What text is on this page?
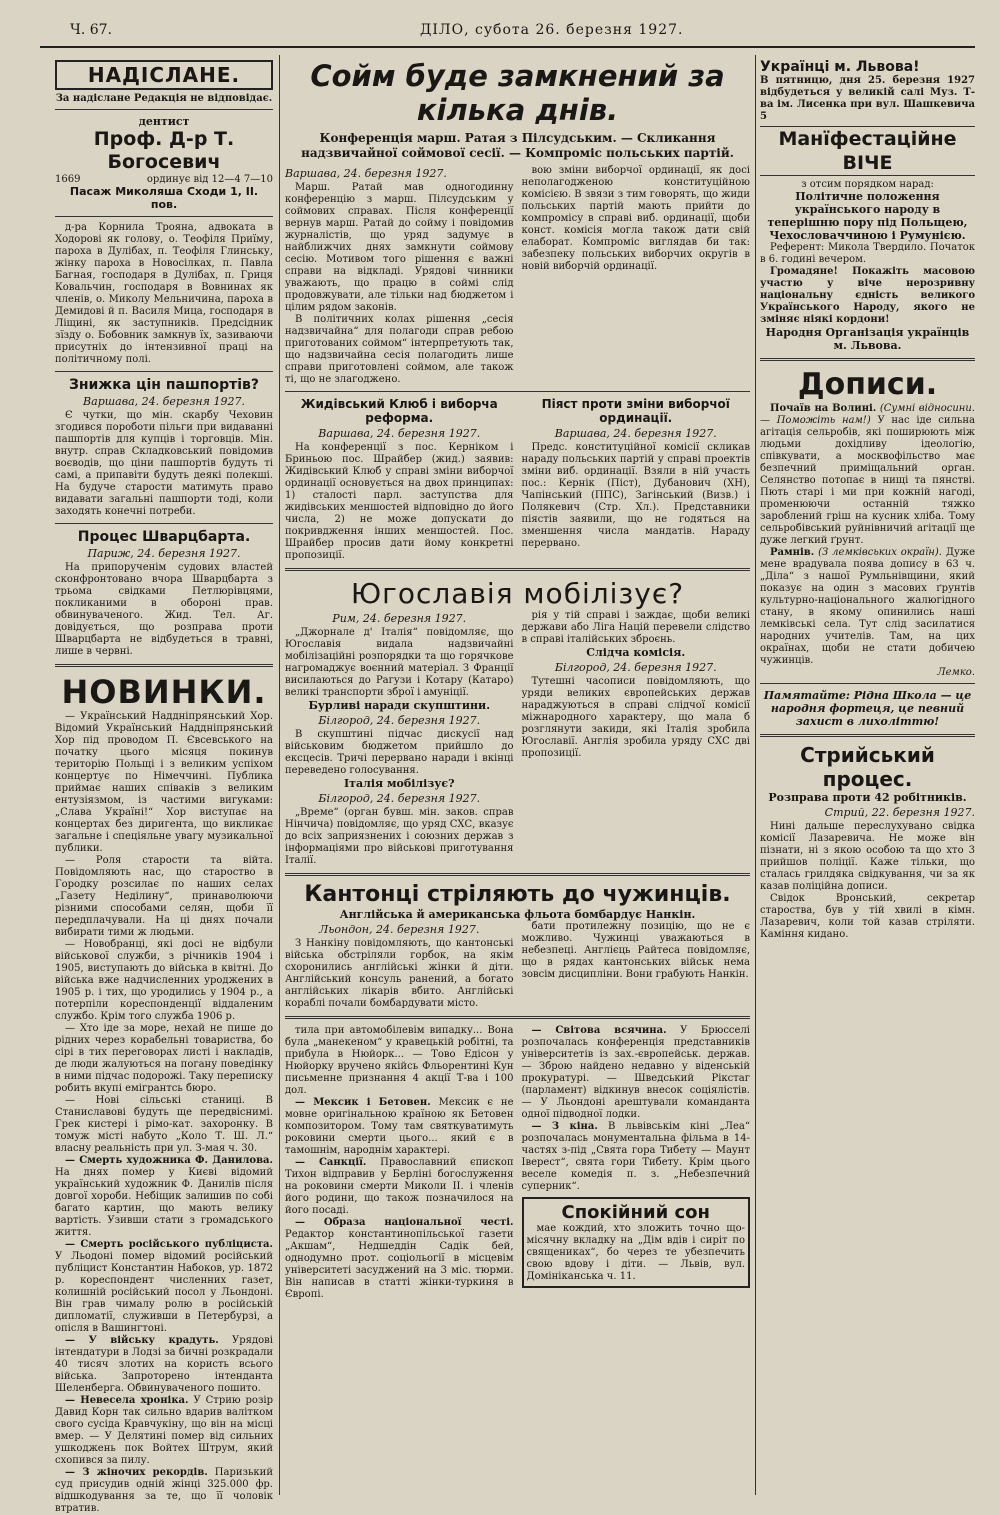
Ч. 67.	ДІЛО, субота 26. березня 1927.
НАДІСЛАНЕ.
За надіслане Редакція не відповідає.
дентист
Проф. Д-р Т. Богосевич
1669	ординує від 12—4 7—10
Пасаж Миколяша Сходи 1, II. пов.

д-ра Корнила Трояна, адвоката в Ходорові як голову, о. Теофіля Приїму, пароха в Дулібах, п. Теофіля Глинську, жінку пароха в Новосілках, п. Павла Багная, господаря в Дулібах, п. Гриця Ковальчин, господаря в Вовнинах як членів, о. Миколу Мельничина, пароха в Демидові й п. Василя Мица, господаря в Ліщині, як заступників. Предсідник зїзду о. Бобовник замкнув їх, зазиваючи присутніх до інтензивної праці на політичному полі.

Знижка цін пашпортів?
Варшава, 24. березня 1927.

Є чутки, що мін. скарбу Чеховин згодився пороботи пільги при видаванні пашпортів для купців і торговців. Мін. внутр. справ Складковський повідомив воєводів, що ціни пашпортів будуть ті самі, а припавіти будуть деякі полекші. На будуче старости матимуть право видавати загальні пашпорти тоді, коли заходять конечні потреби.

Процес Шварцбарта.
Париж, 24. березня 1927.

На припорученім судових властей сконфронтовано вчора Шварцбарта з трьома свідками Петлюрівцями, покликаними в обороні прав. обвинуваченого. Жид. Тел. Аг. довідується, що розправа проти Шварцбарта не відбудеться в травні, лише в червні.

НОВИНКИ.

— Український Наддніпрянський Хор. Відомий Український Наддніпрянський Хор під проводом П. Євсевського на початку цього місяця покинув територію Польщі і з великим успіхом концертує по Німеччині. Публика приймає наших співаків з великим ентузіязмом, із частими вигуками: „Слава Україні!“ Хор виступає на концертах без диригента, що викликає загальне і спеціяльне увагу музикальної публики.

— Роля старости та війта. Повідомляють нас, що староство в Городку розсилає по наших селах „Газету Неділину“, принаволюючи різними способами селян, щоби її передплачували. На ці днях почали вибирати тими ж людьми.

— Новобранці, які досі не відбули військової служби, з річників 1904 і 1905, виступають до війська в квітні. До війська вже надчисленних уроджених в 1905 р. і тих, що уродились у 1904 р., а потерпіли кореспонденції віддаленим службо. Крім того служба 1906 р.

— Хто іде за море, нехай не пише до рідних через корабельні товариства, бо сірі в тих переговорах листі і накладів, де люди жалуються на погану поведінку в ними підчас подорожі. Таку переписку робить вкупі емігрантсь бюро.

— Нові сільські станиці. В Станиславові будуть ще передвіснимі. Грек кистері і рімо-кат. захоронку. В томуж місті набуто „Коло Т. Ш. Л.“ власну реальність при ул. З-мая ч. 30.

— Смерть художника Ф. Данилова. На днях помер у Києві відомий український художник Ф. Данилів після довгої хороби. Небіщик залишив по собі багато картин, що мають велику вартість. Узивши стати з громадського життя.

— Смерть російського публіциста. У Льодоні помер відомий російський публіцист Константин Набоков, ур. 1872 р. кореспондент численних газет, колишній російський посол у Льондоні. Він грав чималу ролю в російській дипломатії, служивши в Петербурзі, а опісля в Вашингтоні.

— У війську крадуть. Урядові інтендатури в Лодзі за бичні розкрадали 40 тисяч злотих на користь всього війська. Запроторено інтенданта Шеленберга. Обвинуваченого пошито.

— Невесела хроніка. У Стрию розір Давид Корн так сильно вдарив валітком свого сусіда Кравчукіну, що він на місці вмер. — У Делятині помер від сильних ушкоджень пок Войтех Штрум, який схопився за пилу.

— З жіночих рекордів. Паризький суд присудив одній жінці 325.000 фр. відшкодування за те, що її чоловік втратив.

Сойм буде замкнений за кілька днів.
Конференція марш. Ратая з Пілсудським. — Скликання надзвичайної соймової сесії. — Компроміс польських партій.
Варшава, 24. березня 1927.

Марш. Ратай мав одногодинну конференцію з марш. Пілсудським у соймових справах. Після конференції вернув марш. Ратай до сойму і повідомив журналістів, що уряд задумує в найближчих днях замкнути соймову сесію. Мотивом того рішення є важні справи на відкладі. Урядові чинники уважають, що працю в соймі слід продовжувати, але тільки над бюджетом і цілим рядом законів.

В політичних колах рішення „сесія надзвичайна“ для полагоди справ ребою приготованих соймом“ інтерпретують так, що надзвичайна сесія полагодить лише справи приготовлені соймом, але також ті, що не злагоджено.

вою зміни виборчої ординації, як досі неполагодженою конституційною комісією. В звязи з тим говорять, що жиди польських партій мають прийти до компромісу в справі виб. ординації, щоби конст. комісія могла також дати свій елаборат. Компроміс виглядав би так: забезпеку польських виборчих округів в новій виборчій ординації.

Жидівський Клюб і виборча реформа.
Варшава, 24. березня 1927.

На конференції з пос. Керніком і Бриньою пос. Шрайбер (жид.) заявив: Жидівський Клюб у справі зміни виборчої ординації основується на двох принципах: 1) сталості парл. заступства для жидівських меншостей відповідно до його числа, 2) не може допускати до покривдження інших меншостей. Пос. Шрайбер просив дати йому конкретні пропозиції.

Піяст проти зміни виборчої ординації.
Варшава, 24. березня 1927.

Предс. конституційної комісії скликав нараду польських партій у справі проектів зміни виб. ординації. Взяли в ній участь пос.: Кернік (Піст), Дубанович (ХН), Чапінський (ППС), Загінський (Визв.) і Полякевич (Стр. Хл.). Представники піястів заявили, що не годяться на зменшення числа мандатів. Нараду перервано.

Югославія мобілізує?
Рим, 24. березня 1927.

„Джорнале д' Італія“ повідомляє, що Югославія видала надзвичайні мобілізаційні розпорядки та що горячкове нагромаджує воєнний матеріал. З Франції висилаються до Рагузи і Котару (Катаро) великі транспорти зброї і амуніції.

Бурливі наради скупштини.
Білгород, 24. березня 1927.

В скупштині підчас дискусії над військовим бюджетом прийшло до ексцесів. Тричі перервано наради і вкінці переведено голосування.

Італія мобілізує?
Білгород, 24. березня 1927.

„Време“ (орган бувш. мін. заков. справ Нінчича) повідомляє, що уряд СХС, вказує до всіх заприязнених і союзних держав з інформаціями про військові приготування Італії.

рія у тій справі і заждає, щоби великі держави або Ліга Націй перевели слідство в справі італійських зброєнь.

Слідча комісія.
Білгород, 24. березня 1927.

Тутешні часописи повідомляють, що уряди великих європейських держав нараджуються в справі слідчої комісії міжнародного характеру, що мала б розглянути закиди, які Італія зробила Югославії. Англія зробила уряду СХС дві пропозиції.

Кантонці стріляють до чужинців.
Англійська й американська фльота бомбардує Нанкін.
Льондон, 24. березня 1927.

З Нанкіну повідомляють, що кантонські війська обстріляли горбок, на якім схоронились англійські жінки й діти. Англійський консуль ранений, а богато англійських лікарів вбито. Англійські кораблі почали бомбардувати місто.

бати протилежну позицію, що не є можливо. Чужинці уважаються в небезпеці. Англієць Райтеса повідомляє, що в рядах кантонських військ нема зовсім дисципліни. Вони грабують Нанкін.

тила при автомобілевім випадку... Вона була „манекеном“ у кравецькій робітні, та прибула в Нюйорк... — Тово Едісон у Нюйорку вручено якійсь Фльорентині Кун письменне признання 4 акції Т-ва і 100 дол.

— Мексик і Бетовен. Мексик є не мовне оригінальною країною як Бетовен композитором. Тому там святкуватимуть роковини смерти цього... який є в тамошнім, народнім характері.

— Санкції. Православний єпископ Тихон відправив у Берліні богослуження на роковини смерти Миколи ІІ. і членів його родини, що також позначилося на його посаді.

— Образа національної честі. Редактор константинопільської газети „Акшам“, Недшеддін Садік бей, однодумно прот. соціольогії в місцевім університеті засуджений на 3 міс. тюрми. Він написав в статті жінки-туркиня в Європі.

— Світова всячина. У Брюсселі розпочалась конференція представників університетів із зах.-європейськ. держав. — Зброю найдено недавно у віденській прокуратурі. — Шведський Рікстаг (парламент) відкинув внесок соціялістів. — У Льондоні арештували команданта одної підводної лодки.

— З кіна. В львівськім кіні „Леа“ розпочалась монументальна фільма в 14-частях з-під „Свята гора Тибету — Маунт Іверест“, свята гори Тибету. Крім цього веселе комедія п. з. „Небезпечний суперник“.

Спокійний сон

мае кождий, хто зложить точно що-місячну вкладку на „Дім вдів і сиріт по священиках“, бо через те убезпечить свою вдову і діти. — Львів, вул. Домініканська ч. 11.

Українці м. Львова!

В пятницю, дня 25. березня 1927 відбудеться у великій салі Муз. Т-ва ім. Лисенка при вул. Шашкевича 5

Манїфестаційне ВІЧЕ
з отсим порядком нарад:
Політичне положення українського народу в теперішню пору під Польщею, Чехословаччиною і Румунією.

Референт: Микола Твердило. Початок в 6. годині вечером.

Громадяне! Покажіть масовою участю у віче нерозривну національну єдність великого Українського Народу, якого не зміняє ніякі кордони!

Народня Організація українців м. Львова.
Дописи.

Почаїв на Волині. (Сумні відносини. — Поможіть нам!) У нас іде сильна агітація сельробів, які поширюють між людьми дохідливу ідеологію, співкувати, а москвофільство має безпечний приміщальний орган. Селянство потопає в нищі та пянстві. Пють старі і ми при кожній нагоді, променюючи останній тяжко зароблений гріш на кусник хліба. Тому сельробівський руйнівничий агітації ще дуже легкий ґрунт.

Рамнів. (З лемківських окраїн). Дуже мене врадувала поява допису в 63 ч. „Діла“ з нашої Румльнівщини, який показує на один з масових ґрунтів культурно-національного жалюгідного стану, в якому опинились наші лемківські села. Тут слід засилатися народних учителів. Там, на цих окраїнах, щоби не стати добичею чужинців.

Лемко.
Памятайте: Рідна Школа — це народня фортеця, це певний захист в лихоліттю!
Стрийський процес.
Розправа проти 42 робітників.
Стрий, 22. березня 1927.

Нині дальше переслухувано свідка комісії Лазаревича. Не може він пізнати, ні з якою особою та що хто 3 прийшов поліції. Каже тільки, що сталась грилдяка свідкування, чи за як казав поліційна дописи.

Свідок Вронський, секретар староства, був у тій хвилі в кімн. Лазаревич, коли той казав стріляти. Каміння кидано.
